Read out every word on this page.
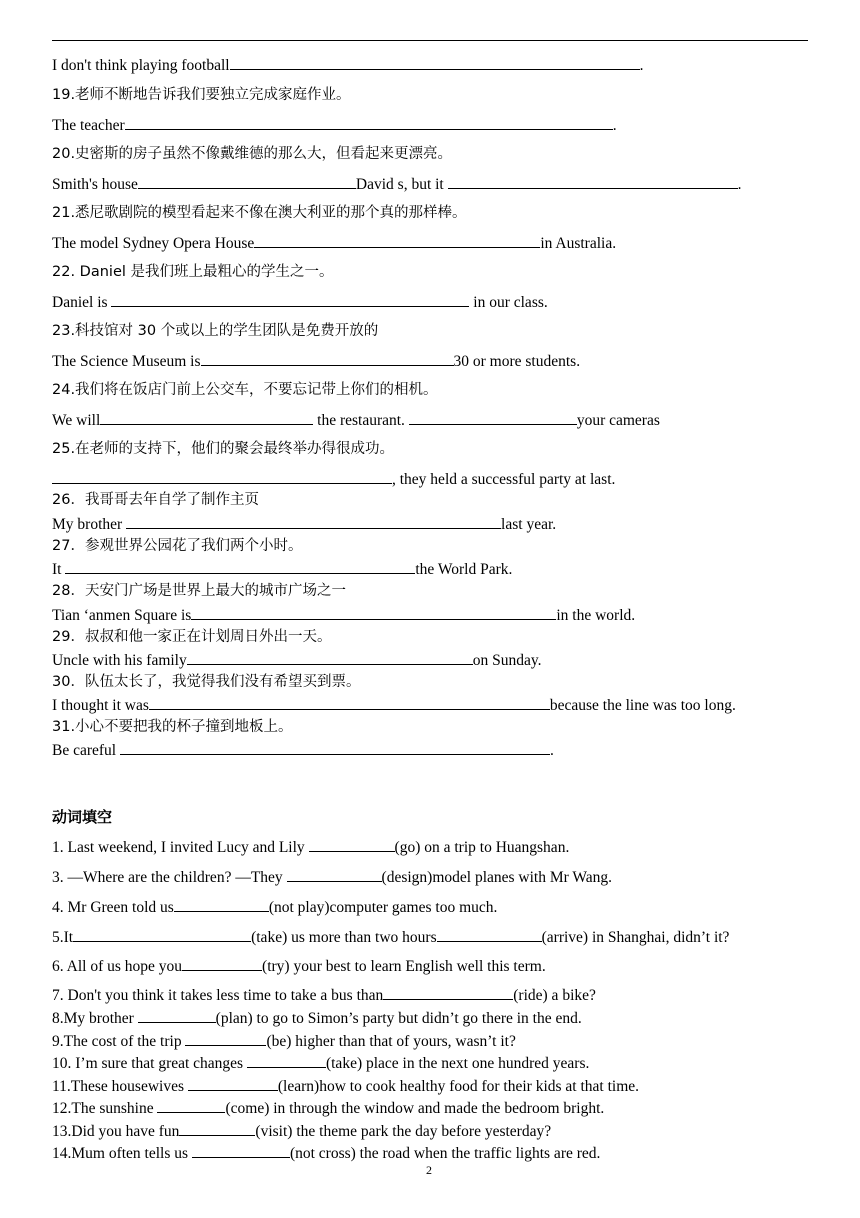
I don't think playing football	.
19.老师不断地告诉我们要独立完成家庭作业。
The teacher	.
20.史密斯的房子虽然不像戴维德的那么大，但看起来更漂亮。
Smith's house	David s, but it	.
21.悉尼歌剧院的模型看起来不像在澳大利亚的那个真的那样棒。
The model Sydney Opera House	in Australia.
22. Daniel 是我们班上最粗心的学生之一。
Daniel is	in our class.
23.科技馆对 30 个或以上的学生团队是免费开放的
The Science Museum is	30 or more students.
24.我们将在饭店门前上公交车，不要忘记带上你们的相机。
We will	the restaurant.	your cameras
25.在老师的支持下，他们的聚会最终举办得很成功。
, they held a successful party at last.
26．我哥哥去年自学了制作主页
My brother	last year.
27．参观世界公园花了我们两个小时。
It	the World Park.
28．天安门广场是世界上最大的城市广场之一
Tian ‘anmen Square is	in the world.
29．叔叔和他一家正在计划周日外出一天。
Uncle with his family	on Sunday.
30．队伍太长了，我觉得我们没有希望买到票。
I thought it was	because the line was too long.
31.小心不要把我的杯子撞到地板上。
Be careful	.
1. Last weekend, I invited Lucy and Lily	(go) on a trip to Huangshan.
3. —Where are the children? —They	(design)model planes with Mr Wang.
4. Mr Green told us	(not play)computer games too much.
5.It	(take) us more than two hours	(arrive) in Shanghai, didn’t it?
6. All of us hope you	(try) your best to learn English well this term.
7. Don't you think it takes less time to take a bus than	(ride) a bike?
8.My brother	(plan) to go to Simon’s party but didn’t go there in the end.
9.The cost of the trip	(be) higher than that of yours, wasn’t it?
10. I’m sure that great changes	(take) place in the next one hundred years.
11.These housewives	(learn)how to cook healthy food for their kids at that time.
12.The sunshine	(come) in through the window and made the bedroom bright.
13.Did you have fun	(visit) the theme park the day before yesterday?
14.Mum often tells us	(not cross) the road when the traffic lights are red.
动词填空
2
